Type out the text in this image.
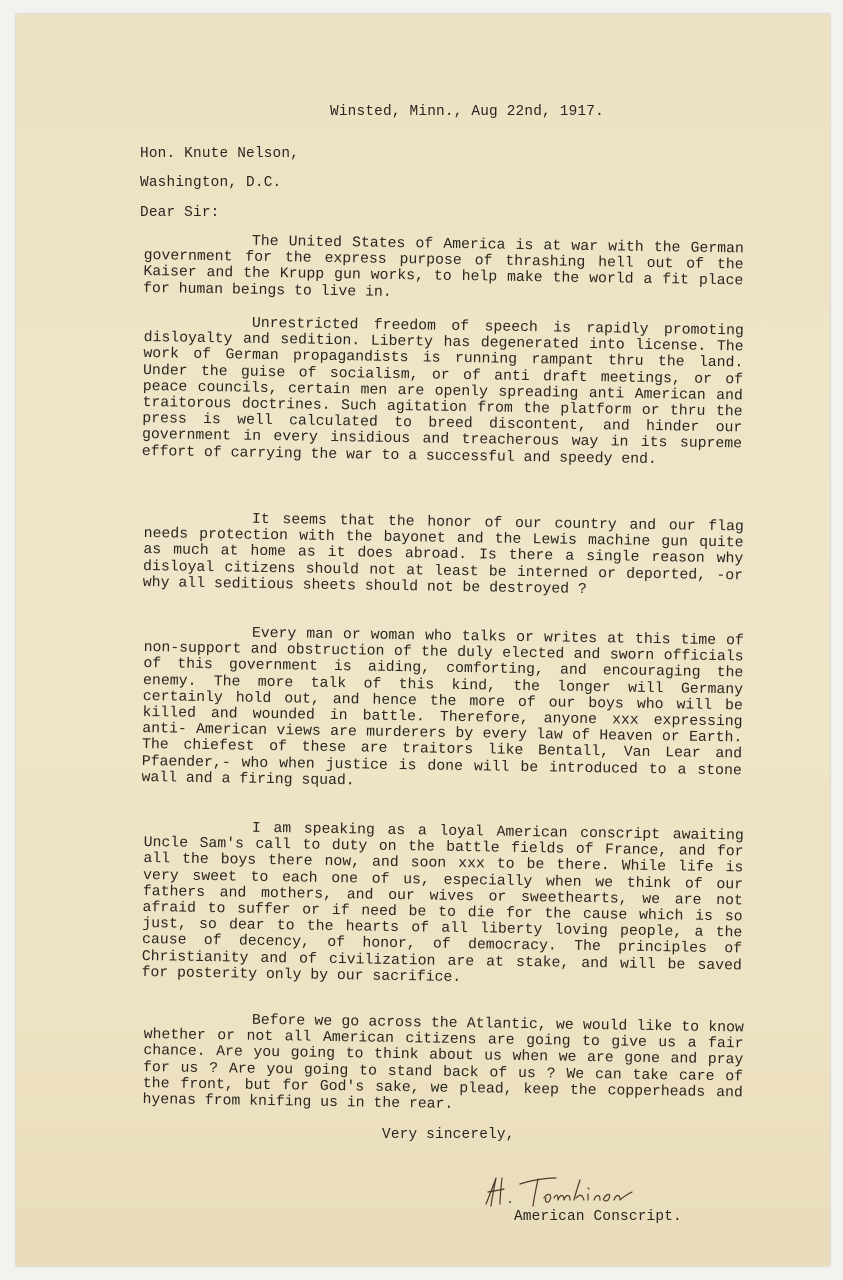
Winsted, Minn., Aug 22nd, 1917.
Hon. Knute Nelson,
Washington, D.C.
Dear Sir:
The United States of America is at war with the German government for the express purpose of thrashing hell out of the Kaiser and the Krupp gun works, to help make the world a fit place for human beings to live in.
Unrestricted freedom of speech is rapidly promoting disloyalty and sedition. Liberty has degenerated into license. The work of German propagandists is running rampant thru the land. Under the guise of socialism, or of anti draft meetings, or of peace councils, certain men are openly spreading anti American and traitorous doctrines. Such agitation from the platform or thru the press is well calculated to breed discontent, and hinder our government in every insidious and treacherous way in its supreme effort of carrying the war to a successful and speedy end.
It seems that the honor of our country and our flag needs protection with the bayonet and the Lewis machine gun quite as much at home as it does abroad. Is there a single reason why disloyal citizens should not at least be interned or deported, -or why all seditious sheets should not be destroyed ?
Every man or woman who talks or writes at this time of non-support and obstruction of the duly elected and sworn officials of this government is aiding, comforting, and encouraging the enemy. The more talk of this kind, the longer will Germany certainly hold out, and hence the more of our boys who will be killed and wounded in battle. Therefore, anyone xxx expressing anti- American views are murderers by every law of Heaven or Earth. The chiefest of these are traitors like Bentall, Van Lear and Pfaender,- who when justice is done will be introduced to a stone wall and a firing squad.
I am speaking as a loyal American conscript awaiting Uncle Sam's call to duty on the battle fields of France, and for all the boys there now, and soon xxx to be there. While life is very sweet to each one of us, especially when we think of our fathers and mothers, and our wives or sweethearts, we are not afraid to suffer or if need be to die for the cause which is so just, so dear to the hearts of all liberty loving people, a the cause of decency, of honor, of democracy. The principles of Christianity and of civilization are at stake, and will be saved for posterity only by our sacrifice.
Before we go across the Atlantic, we would like to know whether or not all American citizens are going to give us a fair chance. Are you going to think about us when we are gone and pray for us ? Are you going to stand back of us ? We can take care of the front, but for God's sake, we plead, keep the copperheads and hyenas from knifing us in the rear.
Very sincerely,
American Conscript.
